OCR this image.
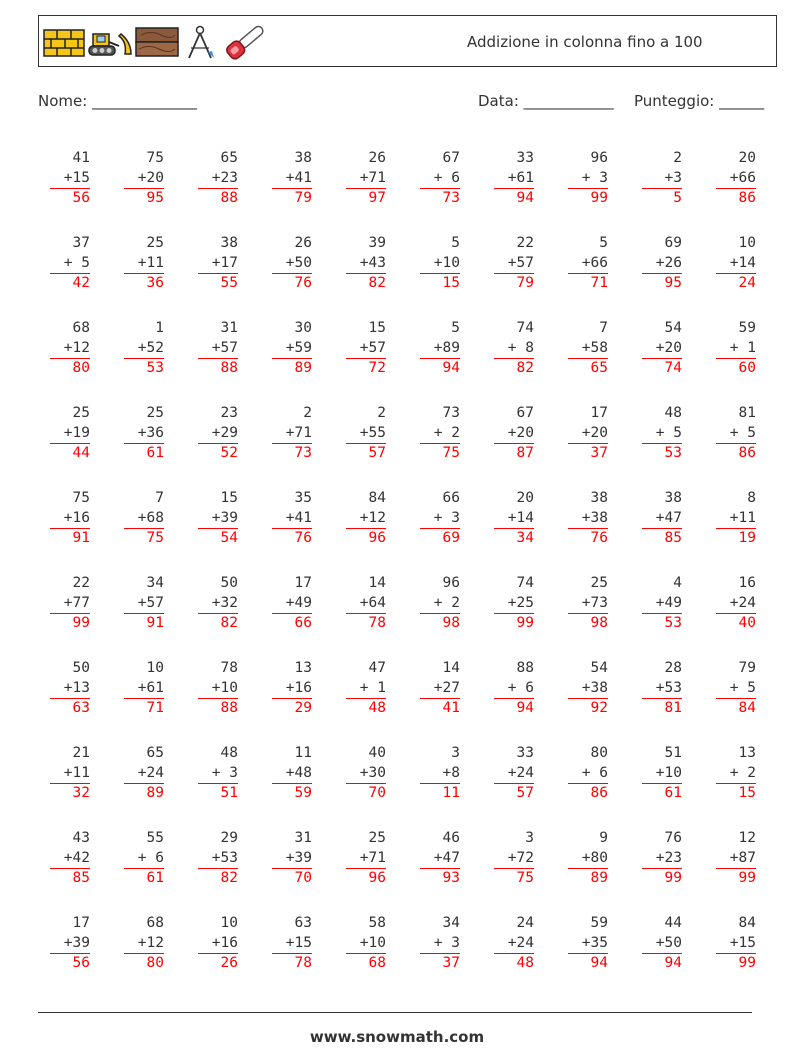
Addizione in colonna fino a 100
Nome: ______________	Data: ____________ Punteggio: ______
41
+15
56
75
+20
95
65
+23
88
38
+41
79
26
+71
97
67
+ 6
73
33
+61
94
96
+ 3
99
2
+3
5
20
+66
86
37
+ 5
42
25
+11
36
38
+17
55
26
+50
76
39
+43
82
5
+10
15
22
+57
79
5
+66
71
69
+26
95
10
+14
24
68
+12
80
1
+52
53
31
+57
88
30
+59
89
15
+57
72
5
+89
94
74
+ 8
82
7
+58
65
54
+20
74
59
+ 1
60
25
+19
44
25
+36
61
23
+29
52
2
+71
73
2
+55
57
73
+ 2
75
67
+20
87
17
+20
37
48
+ 5
53
81
+ 5
86
75
+16
91
7
+68
75
15
+39
54
35
+41
76
84
+12
96
66
+ 3
69
20
+14
34
38
+38
76
38
+47
85
8
+11
19
22
+77
99
34
+57
91
50
+32
82
17
+49
66
14
+64
78
96
+ 2
98
74
+25
99
25
+73
98
4
+49
53
16
+24
40
50
+13
63
10
+61
71
78
+10
88
13
+16
29
47
+ 1
48
14
+27
41
88
+ 6
94
54
+38
92
28
+53
81
79
+ 5
84
21
+11
32
65
+24
89
48
+ 3
51
11
+48
59
40
+30
70
3
+8
11
33
+24
57
80
+ 6
86
51
+10
61
13
+ 2
15
43
+42
85
55
+ 6
61
29
+53
82
31
+39
70
25
+71
96
46
+47
93
3
+72
75
9
+80
89
76
+23
99
12
+87
99
17
+39
56
68
+12
80
10
+16
26
63
+15
78
58
+10
68
34
+ 3
37
24
+24
48
59
+35
94
44
+50
94
84
+15
99
www.snowmath.com
